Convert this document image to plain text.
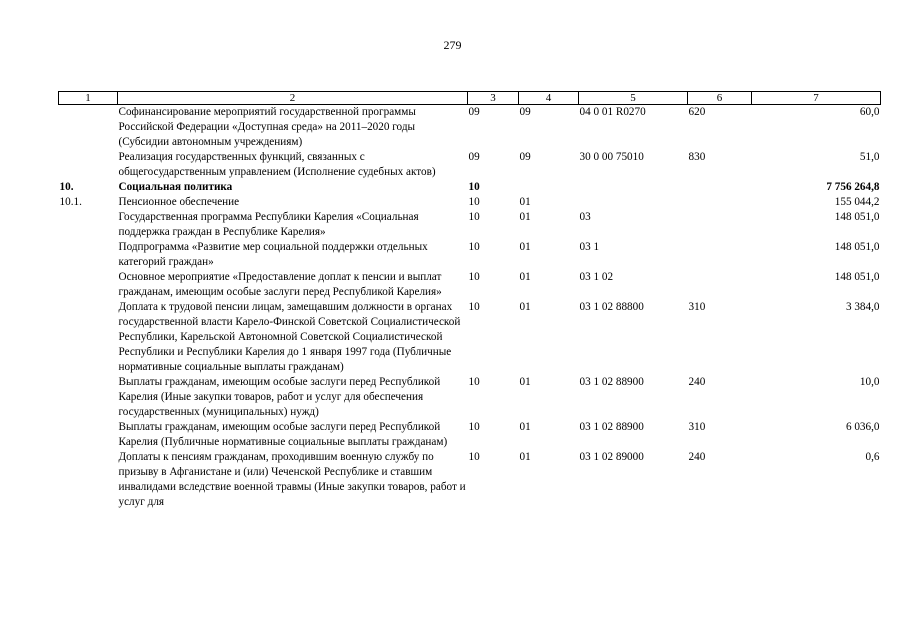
279
1	2	3	4	5	6	7
	Софинансирование мероприятий государственной программы Российской Федерации «Доступная среда» на 2011–2020 годы (Субсидии автономным учреждениям)	09	09	04 0 01 R0270	620	60,0
	Реализация государственных функций, связанных с общегосударственным управлением (Исполнение судебных актов)	09	09	30 0 00 75010	830	51,0
10.	Социальная политика	10				7 756 264,8
10.1.	Пенсионное обеспечение	10	01			155 044,2
	Государственная программа Республики Карелия «Социальная поддержка граждан в Республике Карелия»	10	01	03		148 051,0
	Подпрограмма «Развитие мер социальной поддержки отдельных категорий граждан»	10	01	03 1		148 051,0
	Основное мероприятие «Предоставление доплат к пенсии и выплат гражданам, имеющим особые заслуги перед Республикой Карелия»	10	01	03 1 02		148 051,0
	Доплата к трудовой пенсии лицам, замещавшим должности в органах государственной власти Карело-Финской Советской Социалистической Республики, Карельской Автономной Советской Социалистической Республики и Республики Карелия до 1 января 1997 года (Публичные нормативные социальные выплаты гражданам)	10	01	03 1 02 88800	310	3 384,0
	Выплаты гражданам, имеющим особые заслуги перед Республикой Карелия (Иные закупки товаров, работ и услуг для обеспечения государственных (муниципальных) нужд)	10	01	03 1 02 88900	240	10,0
	Выплаты гражданам, имеющим особые заслуги перед Республикой Карелия (Публичные нормативные социальные выплаты гражданам)	10	01	03 1 02 88900	310	6 036,0
	Доплаты к пенсиям гражданам, проходившим военную службу по призыву в Афганистане и (или) Чеченской Республике и ставшим инвалидами вследствие военной травмы (Иные закупки товаров, работ и услуг для	10	01	03 1 02 89000	240	0,6
